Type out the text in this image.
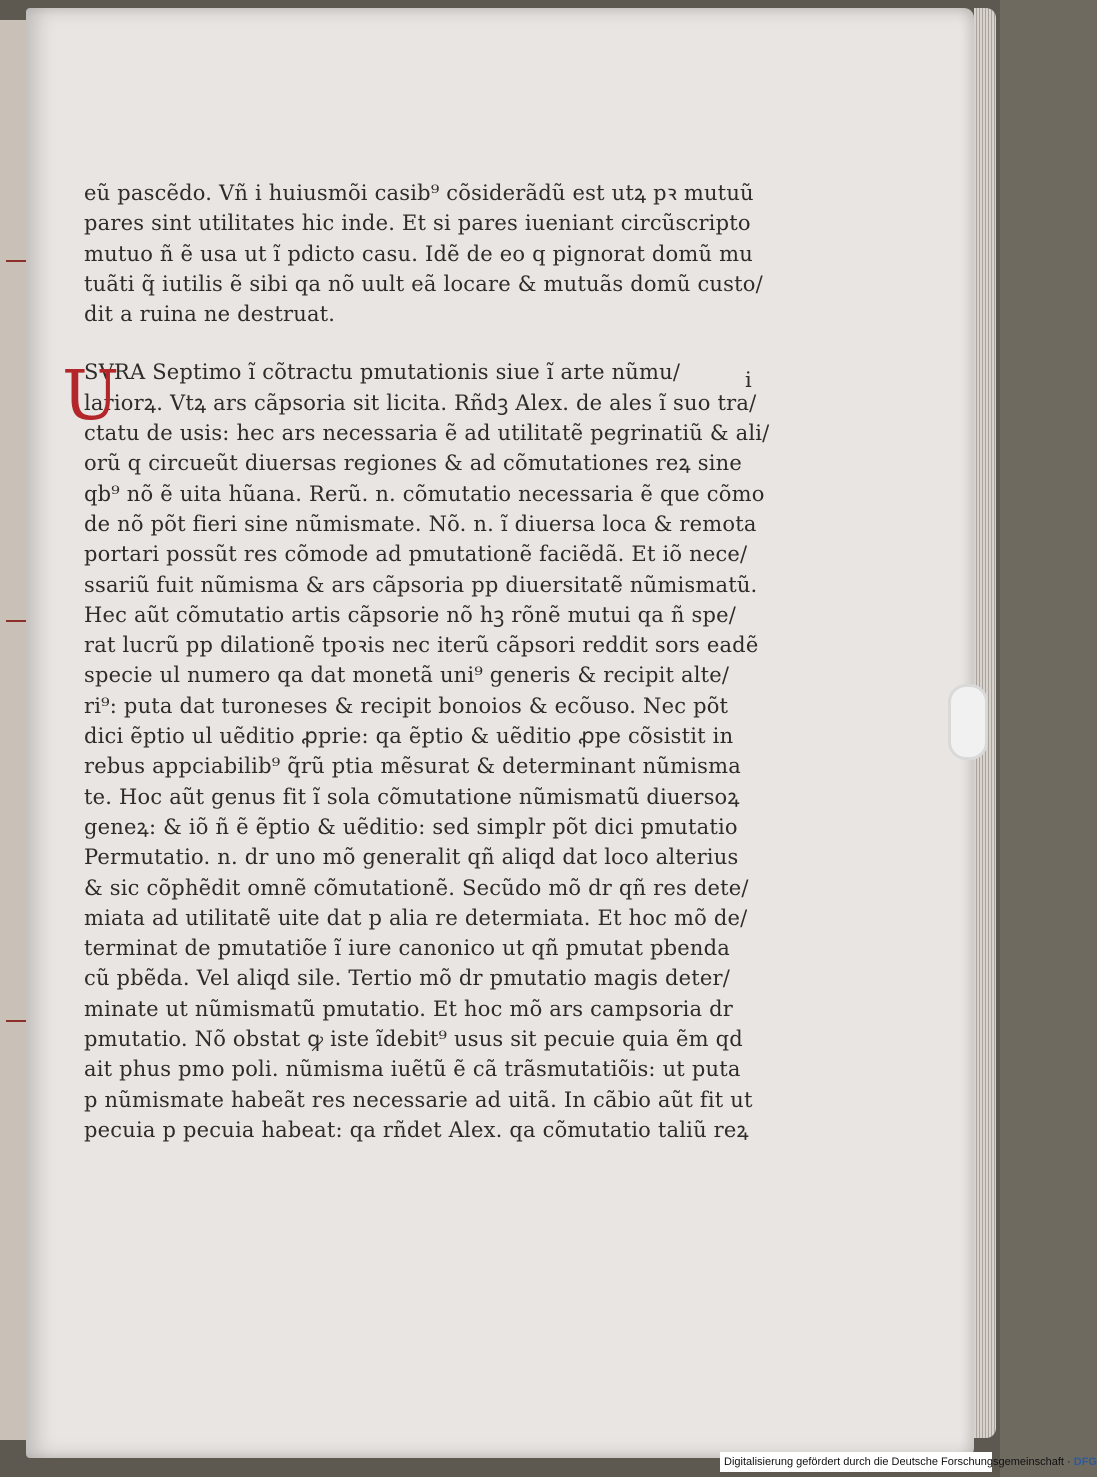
eũ pascẽdo. Vñ i huiusmõi casib⁹ cõsiderãdũ est utꝝ pꝛ mutuũ
pares sint utilitates hic inde. Et si pares iueniant circũscripto
mutuo ñ ẽ usa ut ĩ pdicto casu. Idẽ de eo q pignorat domũ mu
tuãti q̃ iutilis ẽ sibi qa nõ uult eã locare & mutuãs domũ custo/
dit a ruina ne destruat.
U
SVRA Septimo ĩ cõtractu pmutationis siue ĩ arte nũmu/
lariorꝝ. Vtꝝ ars cãpsoria sit licita. Rñdꝫ Alex. de ales ĩ suo tra/
ctatu de usis: hec ars necessaria ẽ ad utilitatẽ pegrinatiũ & ali/
orũ q circueũt diuersas regiones & ad cõmutationes reꝝ sine
qb⁹ nõ ẽ uita hũana. Rerũ. n. cõmutatio necessaria ẽ que cõmo
de nõ põt fieri sine nũmismate. Nõ. n. ĩ diuersa loca & remota
portari possũt res cõmode ad pmutationẽ faciẽdã. Et iõ nece/
ssariũ fuit nũmisma & ars cãpsoria pp diuersitatẽ nũmismatũ.
Hec aũt cõmutatio artis cãpsorie nõ hꝫ rõnẽ mutui qa ñ spe/
rat lucrũ pp dilationẽ tpoꝛis nec iterũ cãpsori reddit sors eadẽ
specie ul numero qa dat monetã uni⁹ generis & recipit alte/
ri⁹: puta dat turoneses & recipit bonoios & ecõuso. Nec põt
dici ẽptio ul uẽditio ꝓprie: qa ẽptio & uẽditio ꝓpe cõsistit in
rebus appciabilib⁹ q̃rũ ptia mẽsurat & determinant nũmisma
te. Hoc aũt genus fit ĩ sola cõmutatione nũmismatũ diuersoꝝ
geneꝝ: & iõ ñ ẽ ẽptio & uẽditio: sed simplr põt dici pmutatio
Permutatio. n. dr uno mõ generalit qñ aliqd dat loco alterius
& sic cõphẽdit omnẽ cõmutationẽ. Secũdo mõ dr qñ res dete/
miata ad utilitatẽ uite dat p alia re determiata. Et hoc mõ de/
terminat de pmutatiõe ĩ iure canonico ut qñ pmutat pbenda
cũ pbẽda. Vel aliqd sile. Tertio mõ dr pmutatio magis deter/
minate ut nũmismatũ pmutatio. Et hoc mõ ars campsoria dr
pmutatio. Nõ obstat ꝙ iste ĩdebit⁹ usus sit pecuie quia ẽm qd
ait phus pmo poli. nũmisma iuẽtũ ẽ cã trãsmutatiõis: ut puta
p nũmismate habeãt res necessarie ad uitã. In cãbio aũt fit ut
pecuia p pecuia habeat: qa rñdet Alex. qa cõmutatio taliũ reꝝ
i
Digitalisierung gefördert durch die Deutsche Forschungsgemeinschaft · DFG
